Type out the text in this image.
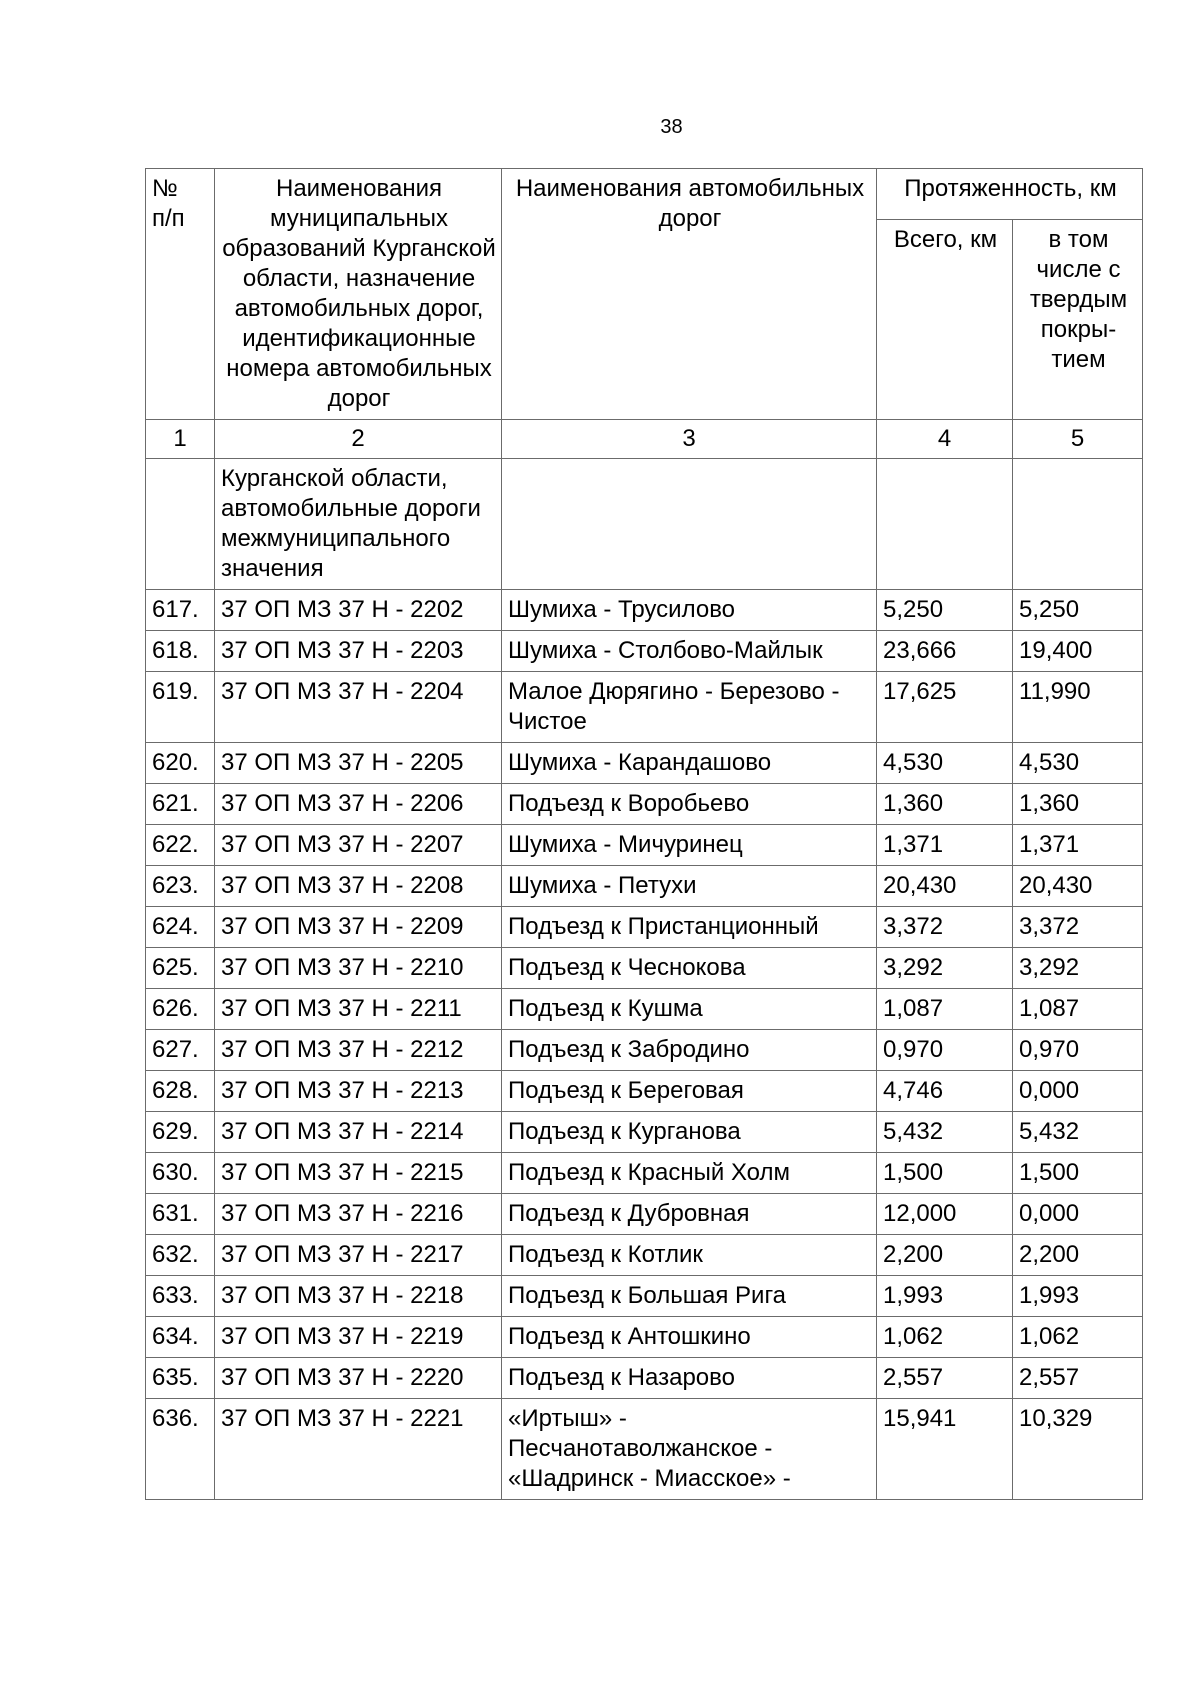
38
№
п/п	Наименования муниципальных образований Курганской области, назначение автомобильных дорог, идентификационные номера автомобильных дорог	Наименования автомобильных дорог	Протяженность, км	
			Всего, км	в том числе с твердым покры-тием
1	2	3	4	5
	Курганской области, автомобильные дороги межмуниципального значения			
617.	37 ОП МЗ 37 Н - 2202	Шумиха - Трусилово	5,250	5,250
618.	37 ОП МЗ 37 Н - 2203	Шумиха - Столбово-Майлык	23,666	19,400
619.	37 ОП МЗ 37 Н - 2204	Малое Дюрягино - Березово - Чистое	17,625	11,990
620.	37 ОП МЗ 37 Н - 2205	Шумиха - Карандашово	4,530	4,530
621.	37 ОП МЗ 37 Н - 2206	Подъезд к Воробьево	1,360	1,360
622.	37 ОП МЗ 37 Н - 2207	Шумиха - Мичуринец	1,371	1,371
623.	37 ОП МЗ 37 Н - 2208	Шумиха - Петухи	20,430	20,430
624.	37 ОП МЗ 37 Н - 2209	Подъезд к Пристанционный	3,372	3,372
625.	37 ОП МЗ 37 Н - 2210	Подъезд к Чеснокова	3,292	3,292
626.	37 ОП МЗ 37 Н - 2211	Подъезд к Кушма	1,087	1,087
627.	37 ОП МЗ 37 Н - 2212	Подъезд к Забродино	0,970	0,970
628.	37 ОП МЗ 37 Н - 2213	Подъезд к Береговая	4,746	0,000
629.	37 ОП МЗ 37 Н - 2214	Подъезд к Курганова	5,432	5,432
630.	37 ОП МЗ 37 Н - 2215	Подъезд к Красный Холм	1,500	1,500
631.	37 ОП МЗ 37 Н - 2216	Подъезд к Дубровная	12,000	0,000
632.	37 ОП МЗ 37 Н - 2217	Подъезд к Котлик	2,200	2,200
633.	37 ОП МЗ 37 Н - 2218	Подъезд к Большая Рига	1,993	1,993
634.	37 ОП МЗ 37 Н - 2219	Подъезд к Антошкино	1,062	1,062
635.	37 ОП МЗ 37 Н - 2220	Подъезд к Назарово	2,557	2,557
636.	37 ОП МЗ 37 Н - 2221	«Иртыш» - Песчанотаволжанское - «Шадринск - Миасское» -	15,941	10,329
